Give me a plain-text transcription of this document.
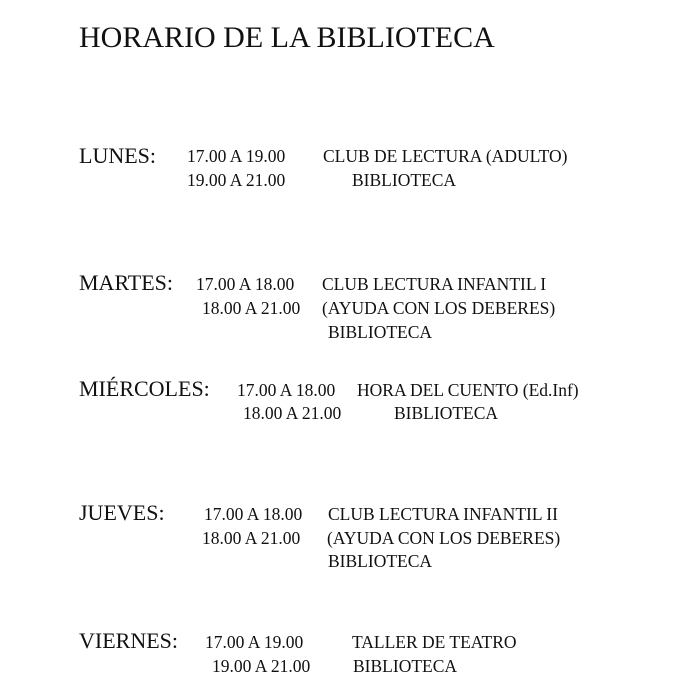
HORARIO DE LA BIBLIOTECA
LUNES: 17.00 A 19.00 CLUB DE LECTURA (ADULTO)
19.00 A 21.00	BIBLIOTECA
MARTES: 17.00 A 18.00 CLUB LECTURA INFANTIL I
18.00 A 21.00 (AYUDA CON LOS DEBERES)
BIBLIOTECA
MIÉRCOLES: 17.00 A 18.00 HORA DEL CUENTO (Ed.Inf)
18.00 A 21.00	BIBLIOTECA
JUEVES: 17.00 A 18.00 CLUB LECTURA INFANTIL II
18.00 A 21.00 (AYUDA CON LOS DEBERES)
BIBLIOTECA
VIERNES: 17.00 A 19.00	TALLER DE TEATRO
19.00 A 21.00 BIBLIOTECA
